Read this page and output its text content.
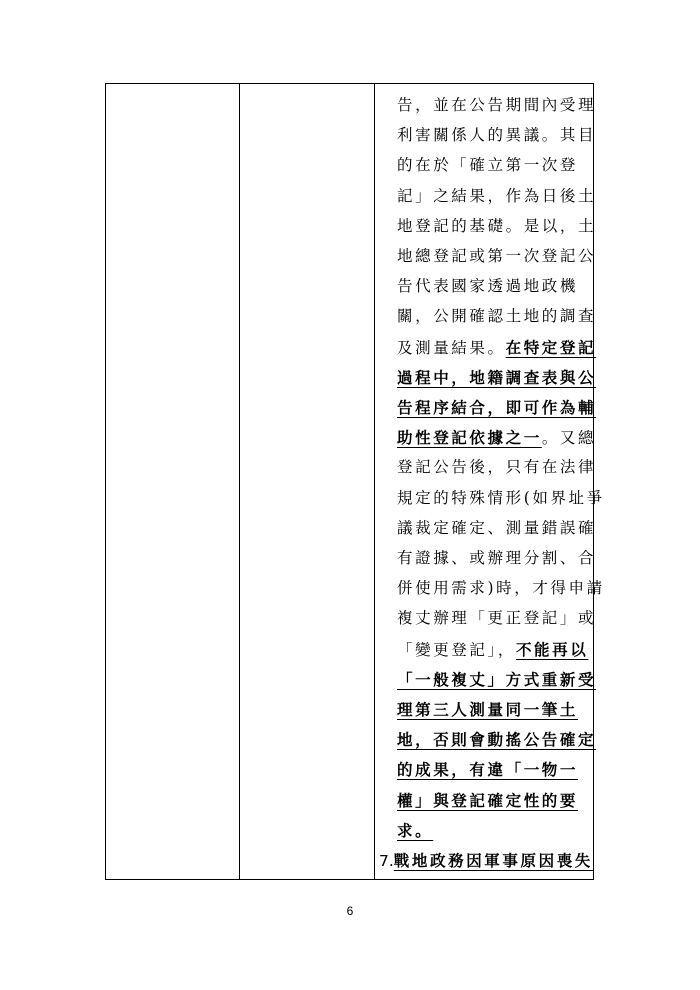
告，並在公告期間內受理
利害關係人的異議。其目
的在於「確立第一次登
記」之結果，作為日後土
地登記的基礎。是以，土
地總登記或第一次登記公
告代表國家透過地政機
關，公開確認土地的調查
及測量結果。在特定登記
過程中，地籍調查表與公
告程序結合，即可作為輔
助性登記依據之一。又總
登記公告後，只有在法律
規定的特殊情形(如界址爭
議裁定確定、測量錯誤確
有證據、或辦理分割、合
併使用需求)時，才得申請
複丈辦理「更正登記」或
「變更登記」，不能再以
「一般複丈」方式重新受
理第三人測量同一筆土
地，否則會動搖公告確定
的成果，有違「一物一
權」與登記確定性的要
求。
7.戰地政務因軍事原因喪失
6
